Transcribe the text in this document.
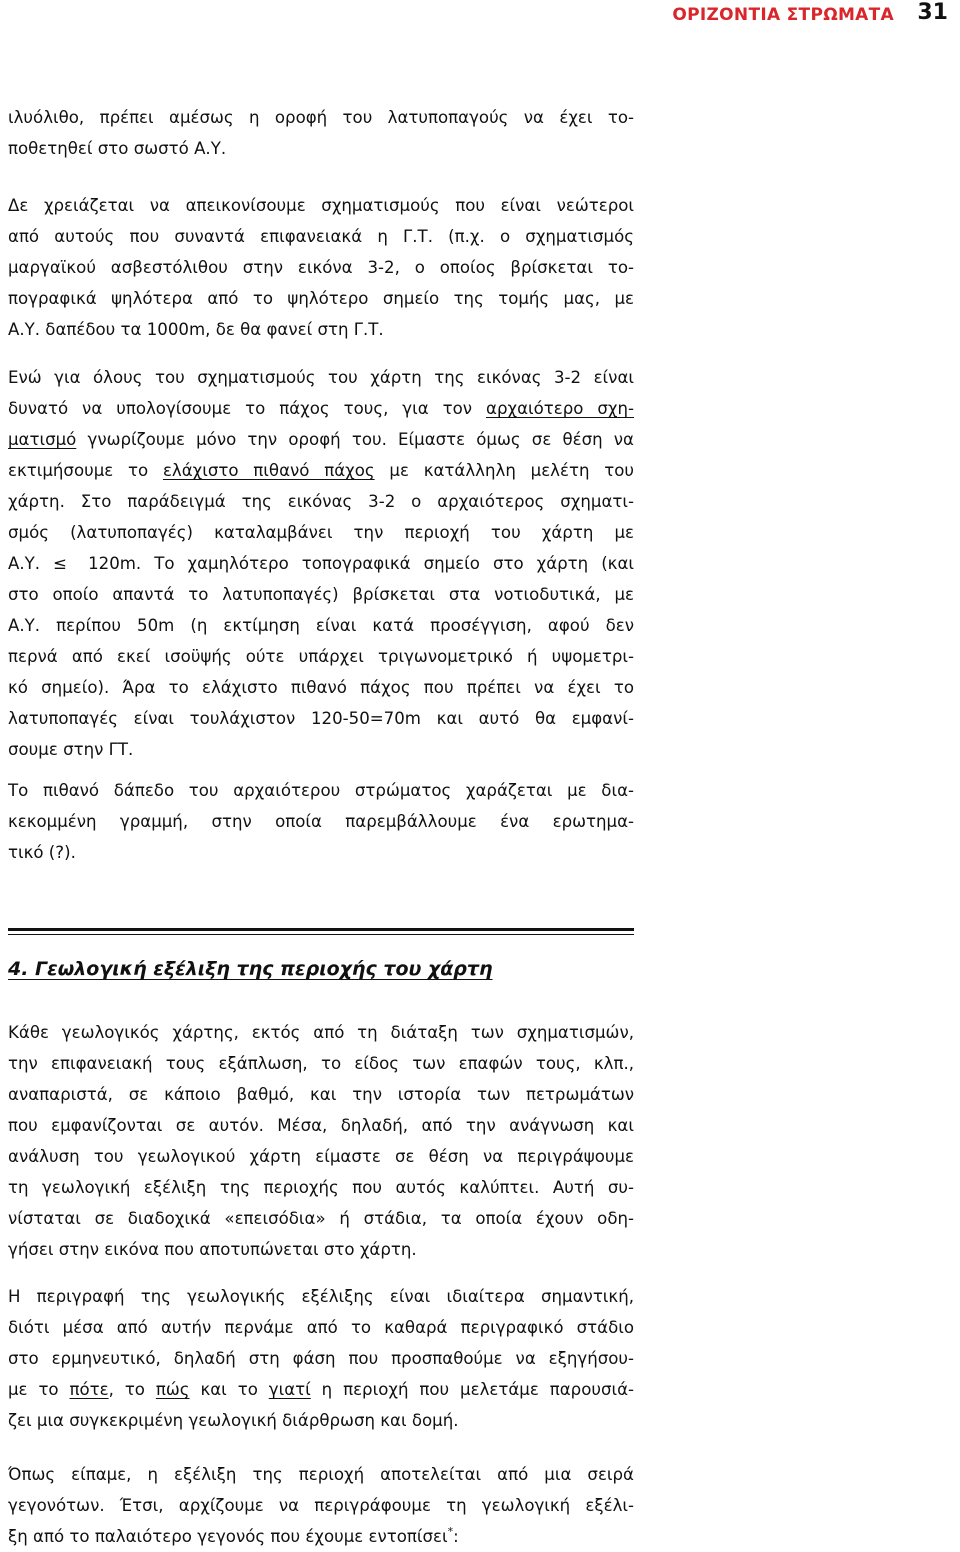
ΟΡΙΖΟΝΤΙΑ ΣΤΡΩΜΑΤΑ 31

ιλυόλιθο, πρέπει αμέσως η οροφή του λατυποπαγούς να έχει το-
ποθετηθεί στο σωστό Α.Υ.

Δε χρειάζεται να απεικονίσουμε σχηματισμούς που είναι νεώτεροι
από αυτούς που συναντά επιφανειακά η Γ.Τ. (π.χ. ο σχηματισμός
μαργαϊκού ασβεστόλιθου στην εικόνα 3-2, ο οποίος βρίσκεται το-
πογραφικά ψηλότερα από το ψηλότερο σημείο της τομής μας, με
Α.Υ. δαπέδου τα 1000m, δε θα φανεί στη Γ.Τ.

Ενώ για όλους του σχηματισμούς του χάρτη της εικόνας 3-2 είναι
δυνατό να υπολογίσουμε το πάχος τους, για τον αρχαιότερο σχη-
ματισμό γνωρίζουμε μόνο την οροφή του. Είμαστε όμως σε θέση να
εκτιμήσουμε το ελάχιστο πιθανό πάχος με κατάλληλη μελέτη του
χάρτη. Στο παράδειγμά της εικόνας 3-2 ο αρχαιότερος σχηματι-
σμός (λατυποπαγές) καταλαμβάνει την περιοχή του χάρτη με
Α.Υ. ≤ 120m. Το χαμηλότερο τοπογραφικά σημείο στο χάρτη (και
στο οποίο απαντά το λατυποπαγές) βρίσκεται στα νοτιοδυτικά, με
Α.Υ. περίπου 50m (η εκτίμηση είναι κατά προσέγγιση, αφού δεν
περνά από εκεί ισοϋψής ούτε υπάρχει τριγωνομετρικό ή υψομετρι-
κό σημείο). Άρα το ελάχιστο πιθανό πάχος που πρέπει να έχει το
λατυποπαγές είναι τουλάχιστον 120-50=70m και αυτό θα εμφανί-
σουμε στην ΓΤ.

Το πιθανό δάπεδο του αρχαιότερου στρώματος χαράζεται με δια-
κεκομμένη γραμμή, στην οποία παρεμβάλλουμε ένα ερωτημα-
τικό (?).

4. Γεωλογική εξέλιξη της περιοχής του χάρτη

Κάθε γεωλογικός χάρτης, εκτός από τη διάταξη των σχηματισμών,
την επιφανειακή τους εξάπλωση, το είδος των επαφών τους, κλπ.,
αναπαριστά, σε κάποιο βαθμό, και την ιστορία των πετρωμάτων
που εμφανίζονται σε αυτόν. Μέσα, δηλαδή, από την ανάγνωση και
ανάλυση του γεωλογικού χάρτη είμαστε σε θέση να περιγράψουμε
τη γεωλογική εξέλιξη της περιοχής που αυτός καλύπτει. Αυτή συ-
νίσταται σε διαδοχικά «επεισόδια» ή στάδια, τα οποία έχουν οδη-
γήσει στην εικόνα που αποτυπώνεται στο χάρτη.

Η περιγραφή της γεωλογικής εξέλιξης είναι ιδιαίτερα σημαντική,
διότι μέσα από αυτήν περνάμε από το καθαρά περιγραφικό στάδιο
στο ερμηνευτικό, δηλαδή στη φάση που προσπαθούμε να εξηγήσου-
με το πότε, το πώς και το γιατί η περιοχή που μελετάμε παρουσιά-
ζει μια συγκεκριμένη γεωλογική διάρθρωση και δομή.

Όπως είπαμε, η εξέλιξη της περιοχή αποτελείται από μια σειρά
γεγονότων. Έτσι, αρχίζουμε να περιγράφουμε τη γεωλογική εξέλι-
ξη από το παλαιότερο γεγονός που έχουμε εντοπίσει*:
